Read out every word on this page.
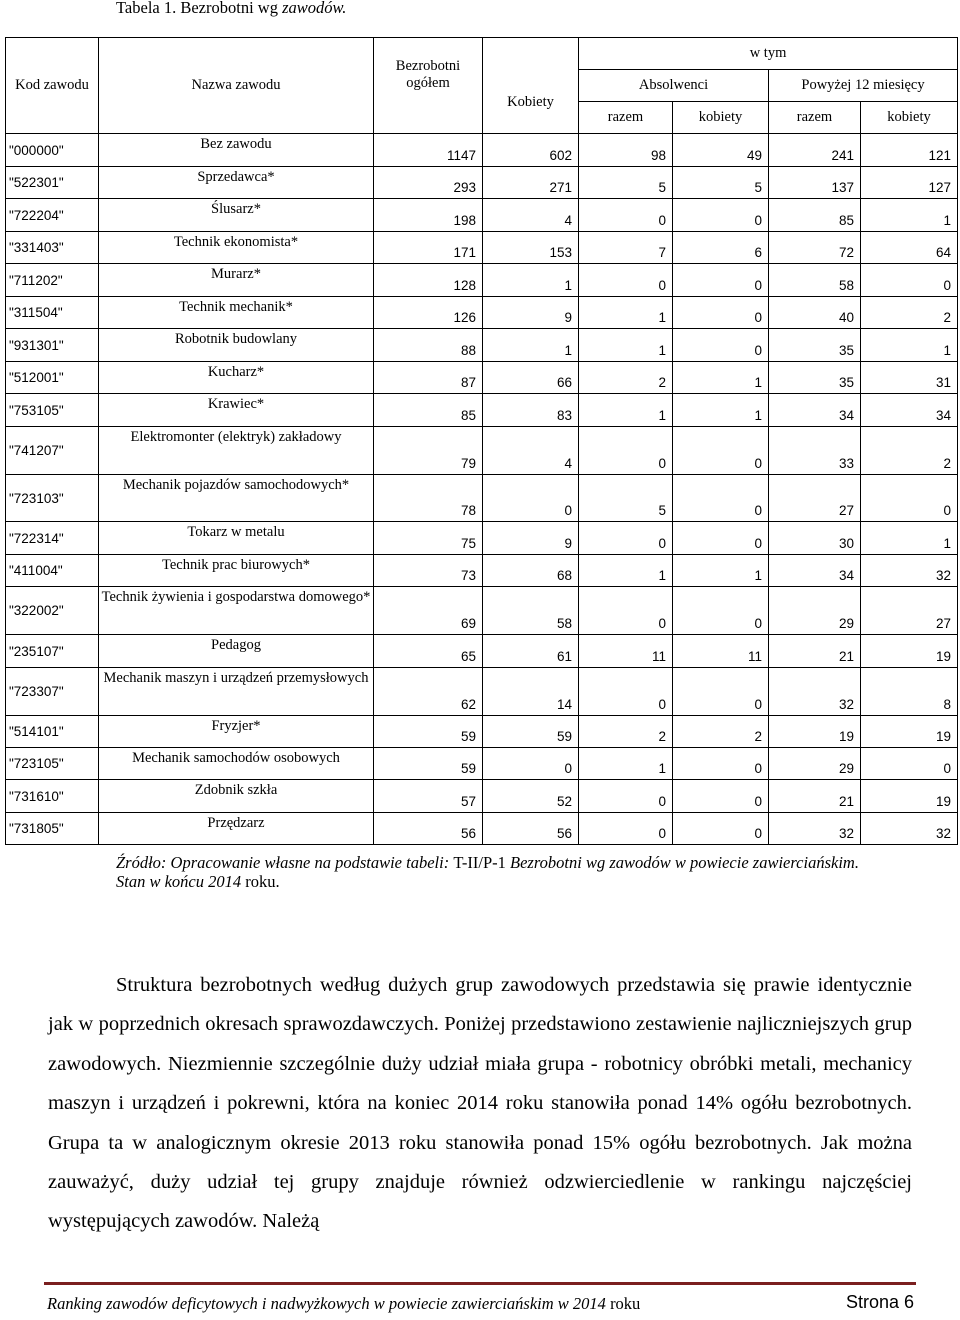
Tabela 1. Bezrobotni wg zawodów.
Kod zawodu	Nazwa zawodu	Bezrobotni ogółem	Kobiety	w tym			
				Absolwenci		Powyżej 12 miesięcy	
				razem	kobiety	razem	kobiety
"000000"	Bez zawodu	1147	602	98	49	241	121
"522301"	Sprzedawca*	293	271	5	5	137	127
"722204"	Ślusarz*	198	4	0	0	85	1
"331403"	Technik ekonomista*	171	153	7	6	72	64
"711202"	Murarz*	128	1	0	0	58	0
"311504"	Technik mechanik*	126	9	1	0	40	2
"931301"	Robotnik budowlany	88	1	1	0	35	1
"512001"	Kucharz*	87	66	2	1	35	31
"753105"	Krawiec*	85	83	1	1	34	34
"741207"	Elektromonter (elektryk) zakładowy	79	4	0	0	33	2
"723103"	Mechanik pojazdów samochodowych*	78	0	5	0	27	0
"722314"	Tokarz w metalu	75	9	0	0	30	1
"411004"	Technik prac biurowych*	73	68	1	1	34	32
"322002"	Technik żywienia i gospodarstwa domowego*	69	58	0	0	29	27
"235107"	Pedagog	65	61	11	11	21	19
"723307"	Mechanik maszyn i urządzeń przemysłowych	62	14	0	0	32	8
"514101"	Fryzjer*	59	59	2	2	19	19
"723105"	Mechanik samochodów osobowych	59	0	1	0	29	0
"731610"	Zdobnik szkła	57	52	0	0	21	19
"731805"	Przędzarz	56	56	0	0	32	32
Źródło: Opracowanie własne na podstawie tabeli: T-II/P-1 Bezrobotni wg zawodów w powiecie zawierciańskim. Stan w końcu 2014 roku.
Struktura bezrobotnych według dużych grup zawodowych przedstawia się prawie identycznie jak w poprzednich okresach sprawozdawczych. Poniżej przedstawiono zestawienie najliczniejszych grup zawodowych. Niezmiennie szczególnie duży udział miała grupa - robotnicy obróbki metali, mechanicy maszyn i urządzeń i pokrewni, która na koniec 2014 roku stanowiła ponad 14% ogółu bezrobotnych. Grupa ta w analogicznym okresie 2013 roku stanowiła ponad 15% ogółu bezrobotnych. Jak można zauważyć, duży udział tej grupy znajduje również odzwierciedlenie w rankingu najczęściej występujących zawodów. Należą
Ranking zawodów deficytowych i nadwyżkowych w powiecie zawierciańskim w 2014 roku	Strona 6
